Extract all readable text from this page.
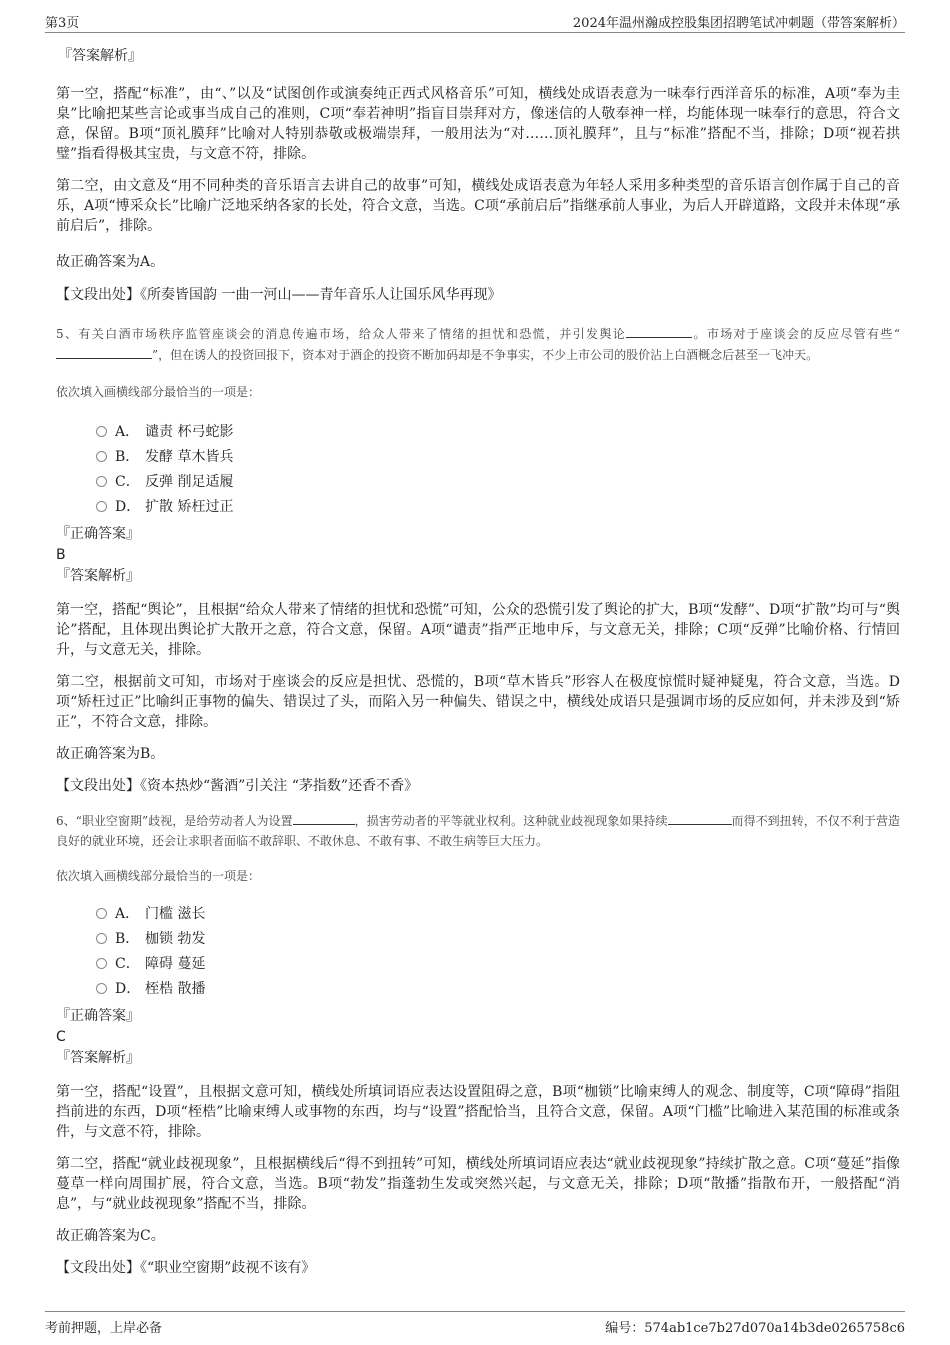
第3页	2024年温州瀚成控股集团招聘笔试冲刺题（带答案解析）
『答案解析』

第一空，搭配“标准”，由“、”以及“试图创作或演奏纯正西式风格音乐”可知，横线处成语表意为一味奉行西洋音乐的标准，A项“奉为圭臬”比喻把某些言论或事当成自己的准则，C项“奉若神明”指盲目崇拜对方，像迷信的人敬奉神一样，均能体现一味奉行的意思，符合文意，保留。B项“顶礼膜拜”比喻对人特别恭敬或极端崇拜，一般用法为“对……顶礼膜拜”，且与“标准”搭配不当，排除；D项“视若拱璧”指看得极其宝贵，与文意不符，排除。

第二空，由文意及“用不同种类的音乐语言去讲自己的故事”可知，横线处成语表意为年轻人采用多种类型的音乐语言创作属于自己的音乐，A项“博采众长”比喻广泛地采纳各家的长处，符合文意，当选。C项“承前启后”指继承前人事业，为后人开辟道路，文段并未体现“承前启后”，排除。

故正确答案为A。

【文段出处】《所奏皆国韵 一曲一河山——青年音乐人让国乐风华再现》

5、有关白酒市场秩序监管座谈会的消息传遍市场，给众人带来了情绪的担忧和恐慌，并引发舆论	。市场对于座谈会的反应尽管有些“”，但在诱人的投资回报下，资本对于酒企的投资不断加码却是不争事实，不少上市公司的股价沾上白酒概念后甚至一飞冲天。

依次填入画横线部分最恰当的一项是：

A． 谴责 杯弓蛇影
B． 发酵 草木皆兵
C． 反弹 削足适履
D． 扩散 矫枉过正
『正确答案』
B
『答案解析』

第一空，搭配“舆论”，且根据“给众人带来了情绪的担忧和恐慌”可知，公众的恐慌引发了舆论的扩大，B项“发酵”、D项“扩散”均可与“舆论”搭配，且体现出舆论扩大散开之意，符合文意，保留。A项“谴责”指严正地申斥，与文意无关，排除；C项“反弹”比喻价格、行情回升，与文意无关，排除。

第二空，根据前文可知，市场对于座谈会的反应是担忧、恐慌的，B项“草木皆兵”形容人在极度惊慌时疑神疑鬼，符合文意，当选。D项“矫枉过正”比喻纠正事物的偏失、错误过了头，而陷入另一种偏失、错误之中，横线处成语只是强调市场的反应如何，并未涉及到“矫正”，不符合文意，排除。

故正确答案为B。

【文段出处】《资本热炒“酱酒”引关注 “茅指数”还香不香》

6、“职业空窗期”歧视，是给劳动者人为设置	，损害劳动者的平等就业权利。这种就业歧视现象如果持续	而得不到扭转，不仅不利于营造良好的就业环境，还会让求职者面临不敢辞职、不敢休息、不敢有事、不敢生病等巨大压力。

依次填入画横线部分最恰当的一项是：

A． 门槛 滋长
B． 枷锁 勃发
C． 障碍 蔓延
D． 桎梏 散播
『正确答案』
C
『答案解析』

第一空，搭配“设置”，且根据文意可知，横线处所填词语应表达设置阻碍之意，B项“枷锁”比喻束缚人的观念、制度等，C项“障碍”指阻挡前进的东西，D项“桎梏”比喻束缚人或事物的东西，均与“设置”搭配恰当，且符合文意，保留。A项“门槛”比喻进入某范围的标准或条件，与文意不符，排除。

第二空，搭配“就业歧视现象”，且根据横线后“得不到扭转”可知，横线处所填词语应表达“就业歧视现象”持续扩散之意。C项“蔓延”指像蔓草一样向周围扩展，符合文意，当选。B项“勃发”指蓬勃生发或突然兴起，与文意无关，排除；D项“散播”指散布开，一般搭配“消息”，与“就业歧视现象”搭配不当，排除。

故正确答案为C。

【文段出处】《“职业空窗期”歧视不该有》

考前押题，上岸必备	编号：574ab1ce7b27d070a14b3de0265758c6
